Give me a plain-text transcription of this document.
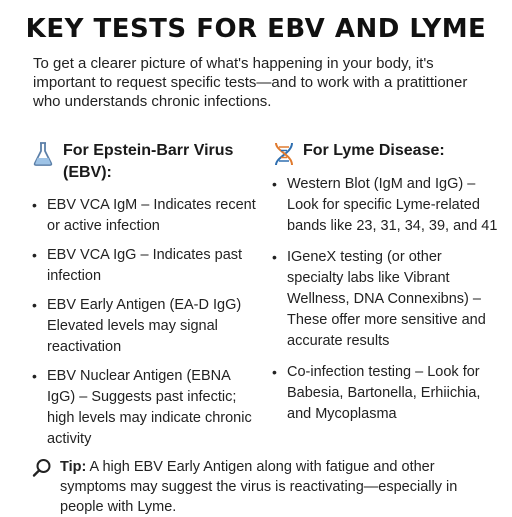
KEY TESTS FOR EBV AND LYME

To get a clearer picture of what's happening in your body, it's important to request specific tests—and to work with a pratittioner who understands chronic infections.

For Epstein-Barr Virus (EBV):
• EBV VCA IgM – Indicates recent or active infection
• EBV VCA IgG – Indicates past infection
• EBV Early Antigen (EA-D IgG) Elevated levels may signal reactivation
• EBV Nuclear Antigen (EBNA IgG) – Suggests past infectic; high levels may indicate chronic activity
For Lyme Disease:
• Western Blot (IgM and IgG) – Look for specific Lyme-related bands like 23, 31, 34, 39, and 41
• IGeneX testing (or other specialty labs like Vibrant Wellness, DNA Connexibns) – These offer more sensitive and accurate results
• Co-infection testing – Look for Babesia, Bartonella, Erhiichia, and Mycoplasma
Tip: A high EBV Early Antigen along with fatigue and other symptoms may suggest the virus is reactivating—especially in people with Lyme.
